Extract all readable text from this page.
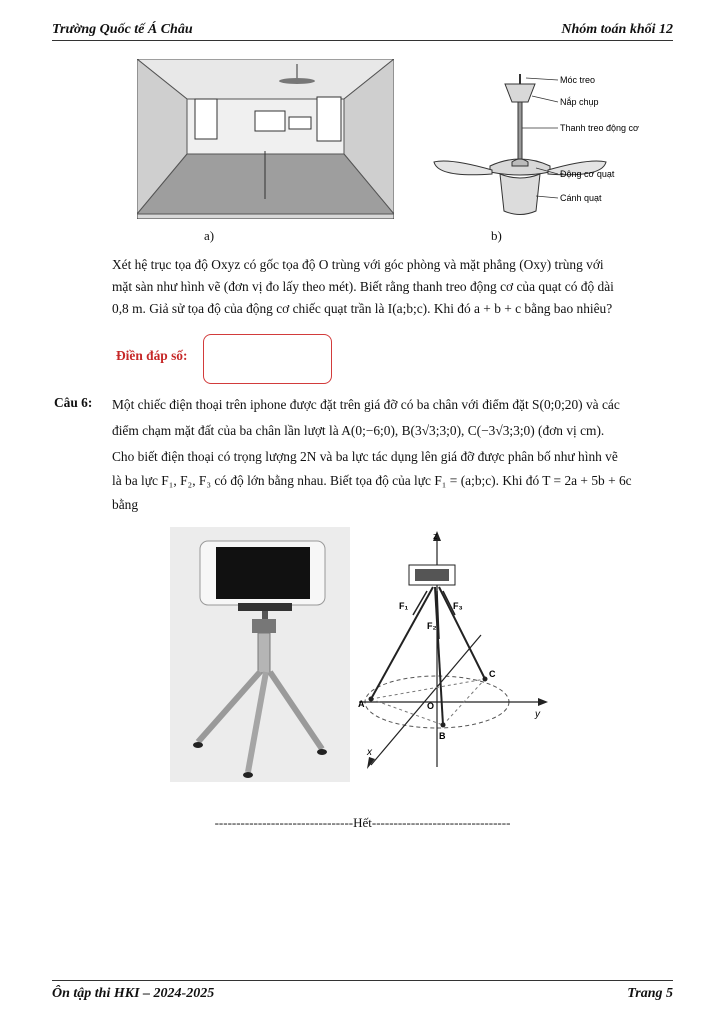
Trường Quốc tế Á Châu	Nhóm toán khối 12
a)
Móc treo
Nắp chụp
Thanh treo động cơ
Động cơ quạt
Cánh quạt
b)
Xét hệ trục tọa độ Oxyz có gốc tọa độ O trùng với góc phòng và mặt phẳng (Oxy) trùng với
mặt sàn như hình vẽ (đơn vị đo lấy theo mét). Biết rằng thanh treo động cơ của quạt có độ dài
0,8 m. Giả sử tọa độ của động cơ chiếc quạt trần là I(a;b;c). Khi đó a + b + c bằng bao nhiêu?
Điền đáp số:
Câu 6: Một chiếc điện thoại trên iphone được đặt trên giá đỡ có ba chân với điểm đặt S(0;0;20) và các
điểm chạm mặt đất của ba chân lần lượt là A(0;−6;0), B(3√3;3;0), C(−3√3;3;0) (đơn vị cm).
Cho biết điện thoại có trọng lượng 2N và ba lực tác dụng lên giá đỡ được phân bố như hình vẽ
là ba lực F₁, F₂, F₃ có độ lớn bằng nhau. Biết tọa độ của lực F₁ = (a;b;c). Khi đó T = 2a + 5b + 6c
bằng
z
y
x
A
B
C
O
F₁
F₂
F₃
--------------------------------Hết--------------------------------
Ôn tập thi HKI – 2024-2025	Trang 5
